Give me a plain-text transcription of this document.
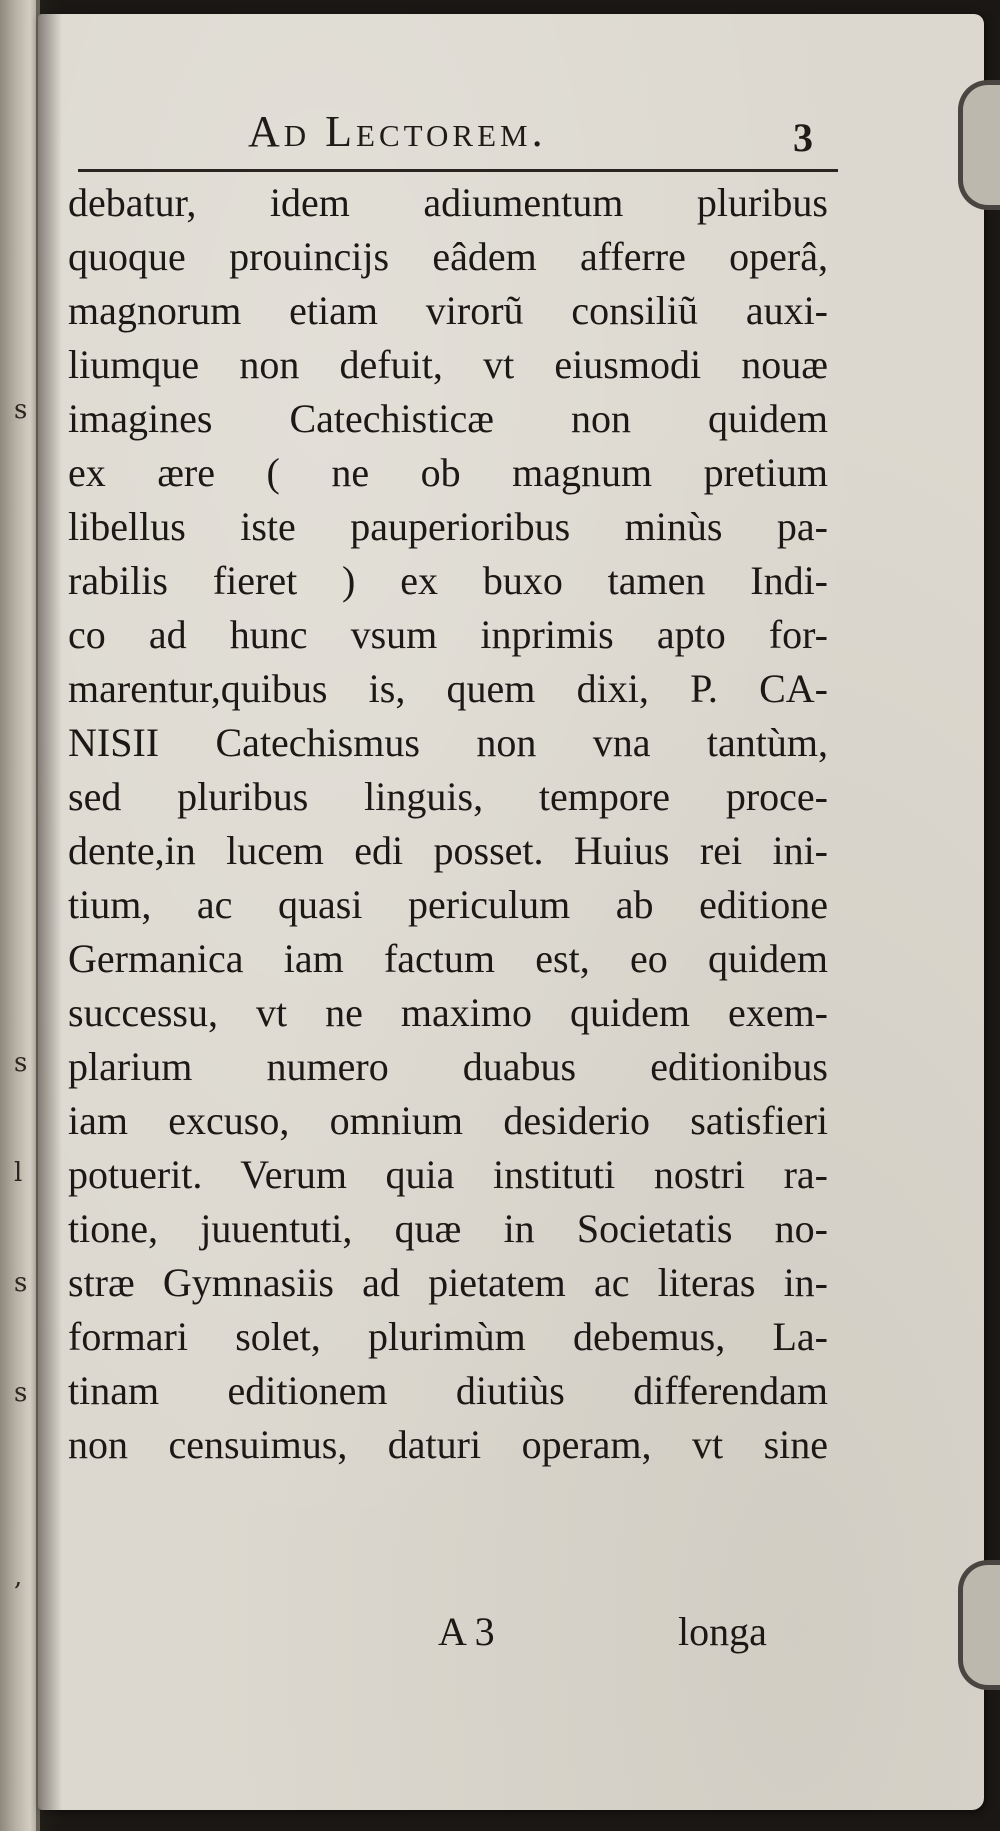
s
s
l
s
s
,
Ad Lectorem.	3
debatur, idem adiumentum pluribus
quoque prouincijs eâdem afferre operâ,
magnorum etiam virorũ consiliũ auxi-
liumque non defuit, vt eiusmodi nouæ
imagines Catechisticæ non quidem
ex ære ( ne ob magnum pretium
libellus iste pauperioribus minùs pa-
rabilis fieret ) ex buxo tamen Indi-
co ad hunc vsum inprimis apto for-
marentur,quibus is, quem dixi, P. CA-
NISII Catechismus non vna tantùm,
sed pluribus linguis, tempore proce-
dente,in lucem edi posset. Huius rei ini-
tium, ac quasi periculum ab editione
Germanica iam factum est, eo quidem
successu, vt ne maximo quidem exem-
plarium numero duabus editionibus
iam excuso, omnium desiderio satisfieri
potuerit. Verum quia instituti nostri ra-
tione, juuentuti, quæ in Societatis no-
stræ Gymnasiis ad pietatem ac literas in-
formari solet, plurimùm debemus, La-
tinam editionem diutiùs differendam
non censuimus, daturi operam, vt sine
A 3	longa
